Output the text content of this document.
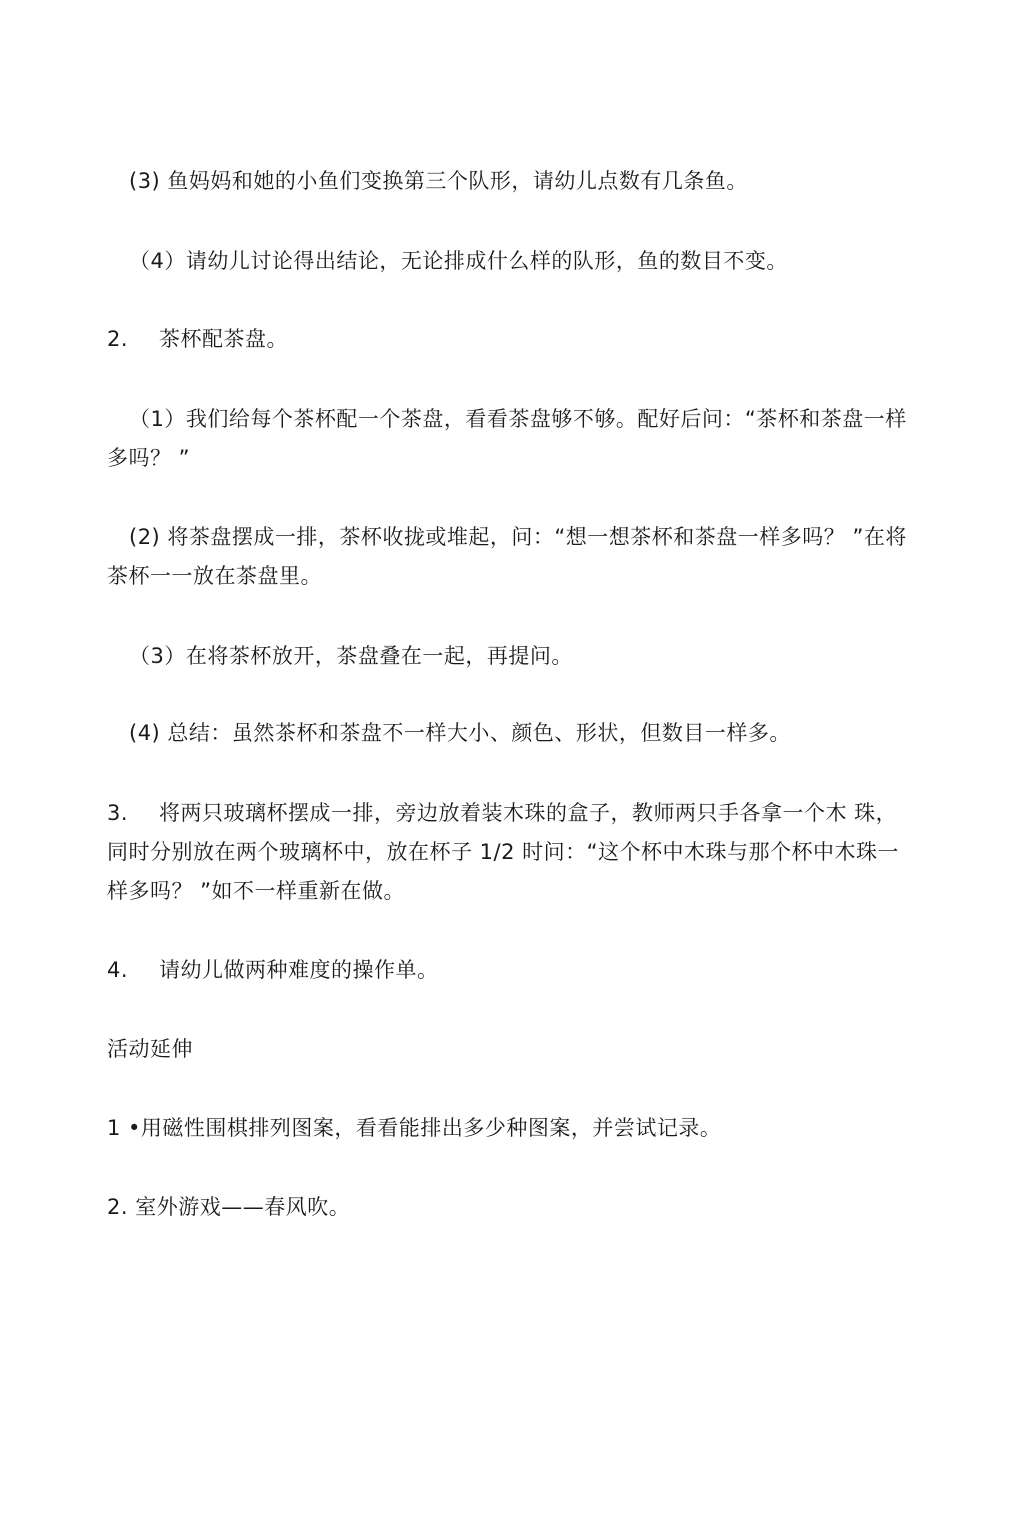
(3) 鱼妈妈和她的小鱼们变换第三个队形，请幼儿点数有几条鱼。
（4）请幼儿讨论得出结论，无论排成什么样的队形，鱼的数目不变。
2. 茶杯配茶盘。
（1）我们给每个茶杯配一个茶盘，看看茶盘够不够。配好后问：“茶杯和茶盘一样多吗？ ”
(2) 将茶盘摆成一排，茶杯收拢或堆起，问：“想一想茶杯和茶盘一样多吗？ ”在将茶杯一一放在茶盘里。
（3）在将茶杯放开，茶盘叠在一起，再提问。
(4) 总结：虽然茶杯和茶盘不一样大小、颜色、形状，但数目一样多。
3. 将两只玻璃杯摆成一排，旁边放着装木珠的盒子，教师两只手各拿一个木 珠，同时分别放在两个玻璃杯中，放在杯子 1/2 时问：“这个杯中木珠与那个杯中木珠一样多吗？ ”如不一样重新在做。
4. 请幼儿做两种难度的操作单。
活动延伸
1 •用磁性围棋排列图案，看看能排出多少种图案，并尝试记录。
2. 室外游戏——春风吹。
